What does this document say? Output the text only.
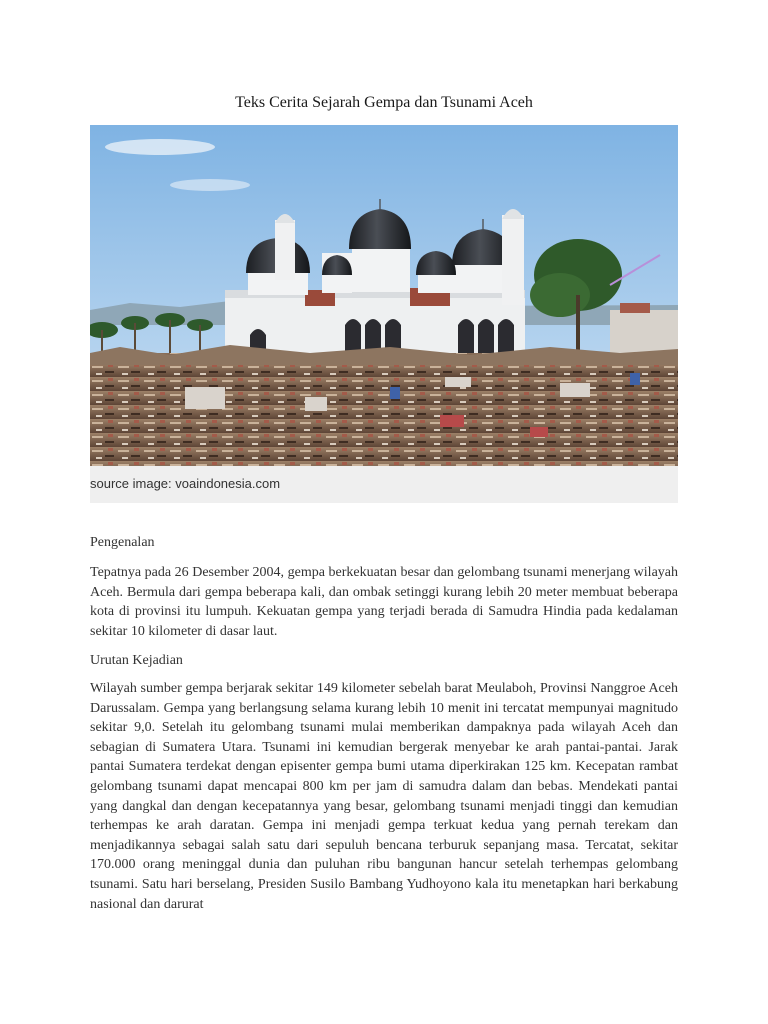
Teks Cerita Sejarah Gempa dan Tsunami Aceh
source image: voaindonesia.com
Pengenalan

Tepatnya pada 26 Desember 2004, gempa berkekuatan besar dan gelombang tsunami menerjang wilayah Aceh. Bermula dari gempa beberapa kali, dan ombak setinggi kurang lebih 20 meter membuat beberapa kota di provinsi itu lumpuh. Kekuatan gempa yang terjadi berada di Samudra Hindia pada kedalaman sekitar 10 kilometer di dasar laut.

Urutan Kejadian

Wilayah sumber gempa berjarak sekitar 149 kilometer sebelah barat Meulaboh, Provinsi Nanggroe Aceh Darussalam. Gempa yang berlangsung selama kurang lebih 10 menit ini tercatat mempunyai magnitudo sekitar 9,0. Setelah itu gelombang tsunami mulai memberikan dampaknya pada wilayah Aceh dan sebagian di Sumatera Utara. Tsunami ini kemudian bergerak menyebar ke arah pantai-pantai. Jarak pantai Sumatera terdekat dengan episenter gempa bumi utama diperkirakan 125 km. Kecepatan rambat gelombang tsunami dapat mencapai 800 km per jam di samudra dalam dan bebas. Mendekati pantai yang dangkal dan dengan kecepatannya yang besar, gelombang tsunami menjadi tinggi dan kemudian terhempas ke arah daratan. Gempa ini menjadi gempa terkuat kedua yang pernah terekam dan menjadikannya sebagai salah satu dari sepuluh bencana terburuk sepanjang masa. Tercatat, sekitar 170.000 orang meninggal dunia dan puluhan ribu bangunan hancur setelah terhempas gelombang tsunami. Satu hari berselang, Presiden Susilo Bambang Yudhoyono kala itu menetapkan hari berkabung nasional dan darurat
